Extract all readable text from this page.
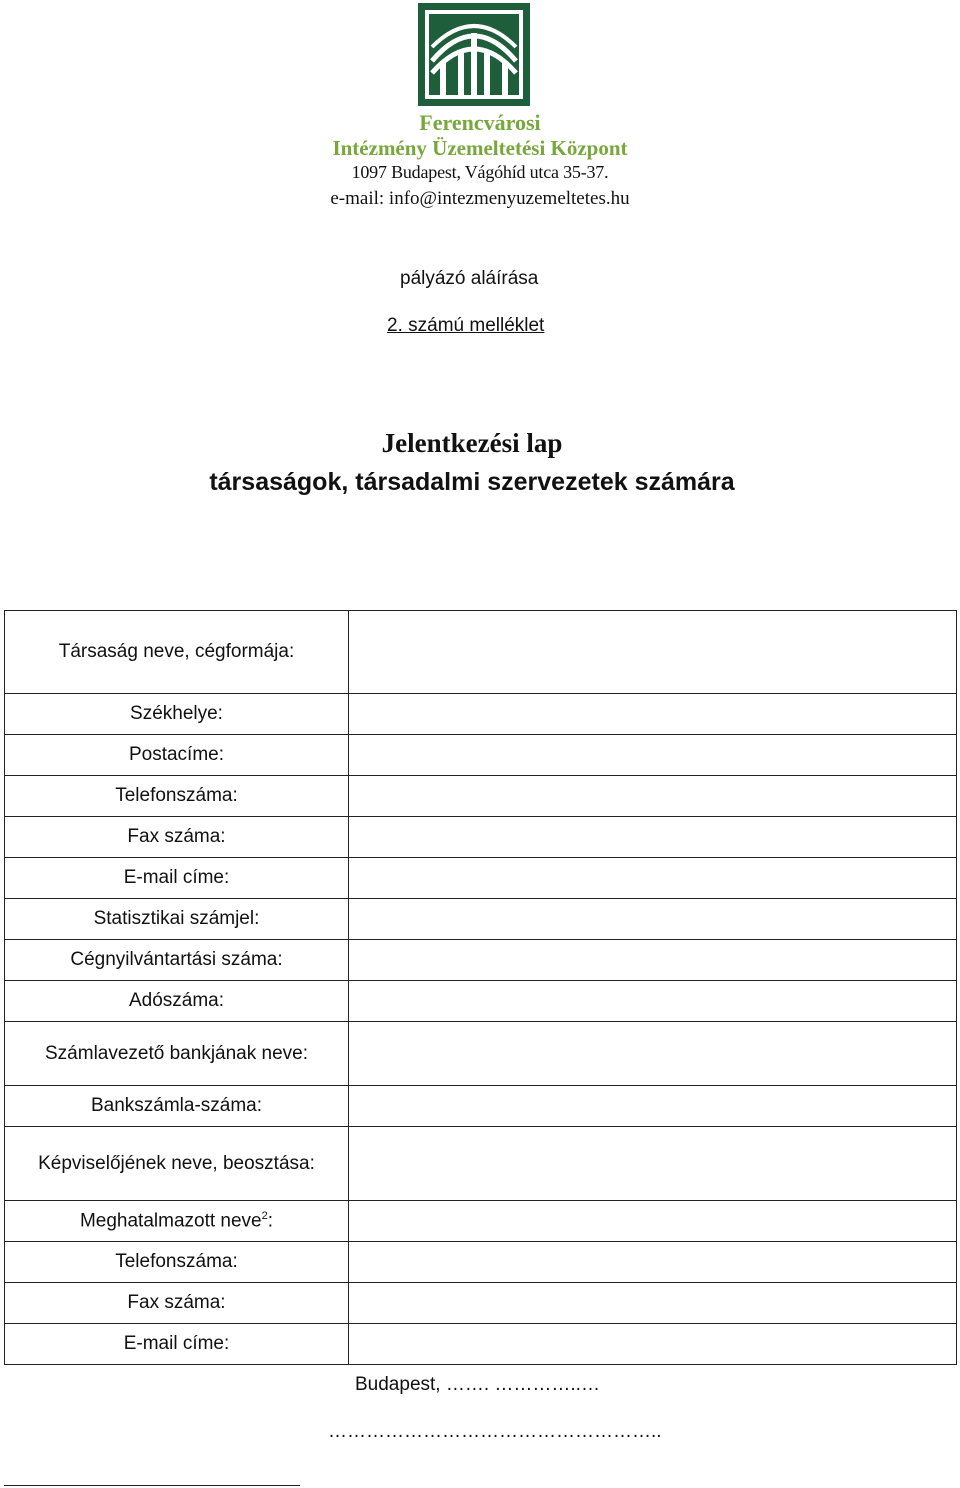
Ferencvárosi
Intézmény Üzemeltetési Központ
1097 Budapest, Vágóhíd utca 35-37.
e-mail: info@intezmenyuzemeltetes.hu
pályázó aláírása
2. számú melléklet
Jelentkezési lap
társaságok, társadalmi szervezetek számára
Társaság neve, cégformája:	
Székhelye:	
Postacíme:	
Telefonszáma:	
Fax száma:	
E-mail címe:	
Statisztikai számjel:	
Cégnyilvántartási száma:	
Adószáma:	
Számlavezető bankjának neve:	
Bankszámla-száma:	
Képviselőjének neve, beosztása:	
Meghatalmazott neve$^2$:	
Telefonszáma:	
Fax száma:	
E-mail címe:	
Budapest, ……. …………..…
……………………………………………..
